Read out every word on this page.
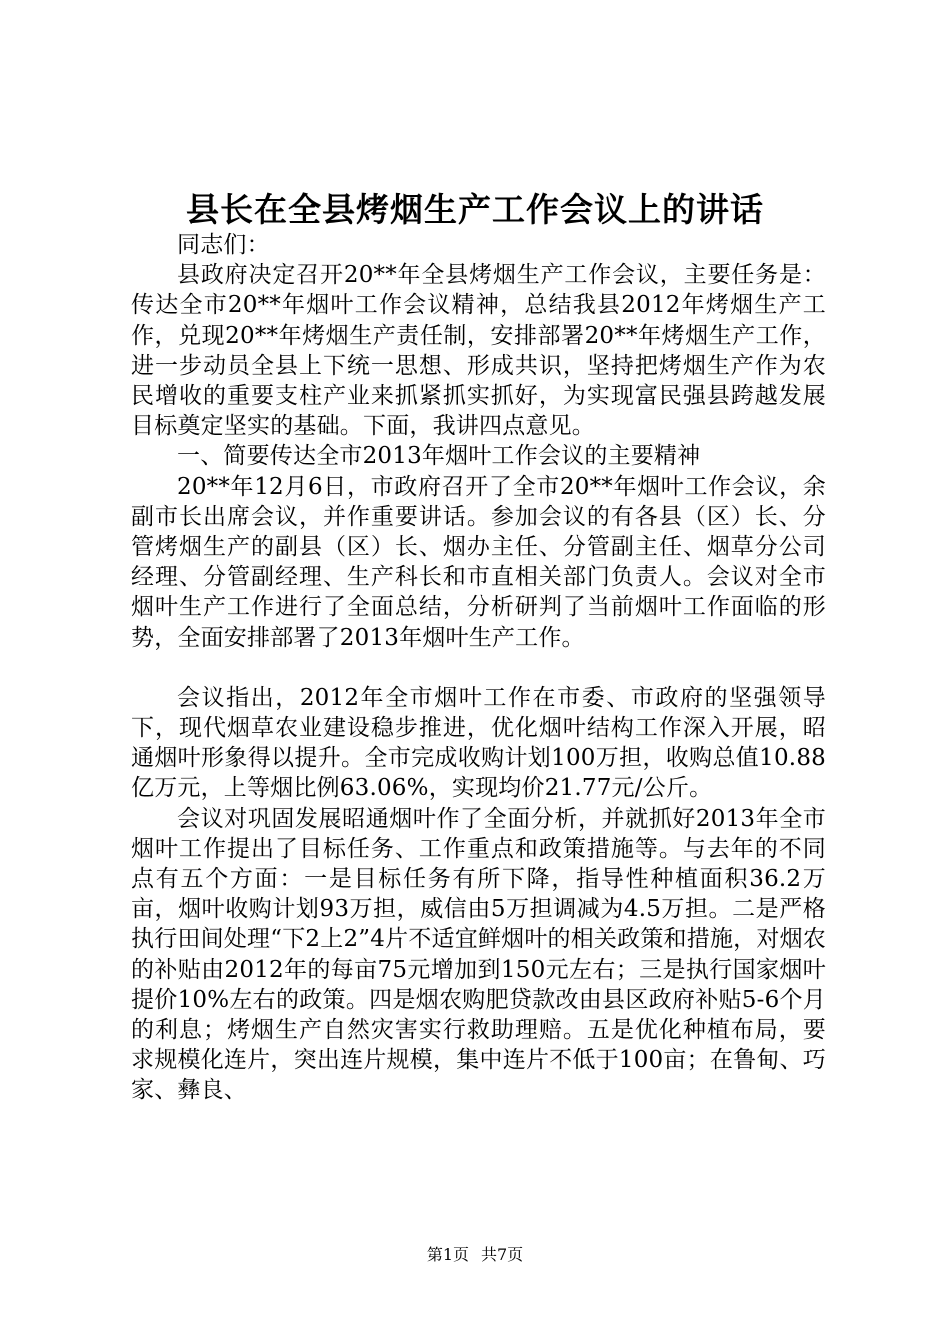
县长在全县烤烟生产工作会议上的讲话

同志们：

县政府决定召开20**年全县烤烟生产工作会议，主要任务是：传达全市20**年烟叶工作会议精神，总结我县2012年烤烟生产工作，兑现20**年烤烟生产责任制，安排部署20**年烤烟生产工作，进一步动员全县上下统一思想、形成共识，坚持把烤烟生产作为农民增收的重要支柱产业来抓紧抓实抓好，为实现富民强县跨越发展目标奠定坚实的基础。下面，我讲四点意见。

一、简要传达全市2013年烟叶工作会议的主要精神

20**年12月6日，市政府召开了全市20**年烟叶工作会议，余副市长出席会议，并作重要讲话。参加会议的有各县（区）长、分管烤烟生产的副县（区）长、烟办主任、分管副主任、烟草分公司经理、分管副经理、生产科长和市直相关部门负责人。会议对全市烟叶生产工作进行了全面总结，分析研判了当前烟叶工作面临的形势，全面安排部署了2013年烟叶生产工作。

会议指出，2012年全市烟叶工作在市委、市政府的坚强领导下，现代烟草农业建设稳步推进，优化烟叶结构工作深入开展，昭通烟叶形象得以提升。全市完成收购计划100万担，收购总值10.88亿万元，上等烟比例63.06%，实现均价21.77元/公斤。

会议对巩固发展昭通烟叶作了全面分析，并就抓好2013年全市烟叶工作提出了目标任务、工作重点和政策措施等。与去年的不同点有五个方面：一是目标任务有所下降，指导性种植面积36.2万亩，烟叶收购计划93万担，威信由5万担调减为4.5万担。二是严格执行田间处理“下2上2”4片不适宜鲜烟叶的相关政策和措施，对烟农的补贴由2012年的每亩75元增加到150元左右；三是执行国家烟叶提价10%左右的政策。四是烟农购肥贷款改由县区政府补贴5-6个月的利息；烤烟生产自然灾害实行救助理赔。五是优化种植布局，要求规模化连片，突出连片规模，集中连片不低于100亩；在鲁甸、巧家、彝良、

第1页 共7页
